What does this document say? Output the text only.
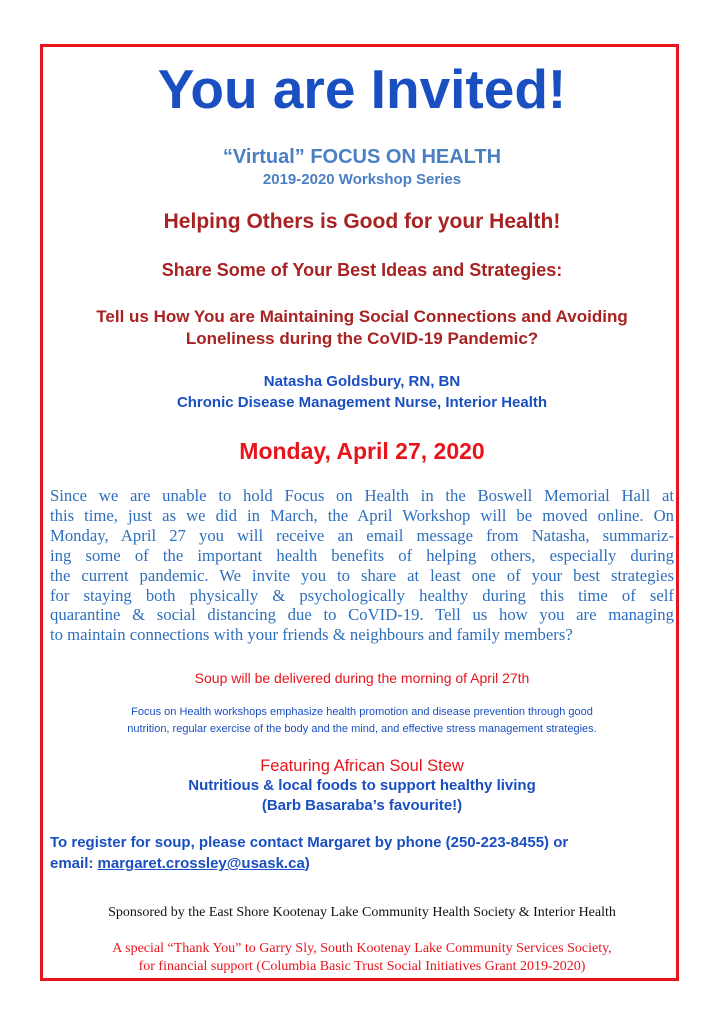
You are Invited!
“Virtual” FOCUS ON HEALTH
2019-2020 Workshop Series
Helping Others is Good for your Health!
Share Some of Your Best Ideas and Strategies:
Tell us How You are Maintaining Social Connections and Avoiding
Loneliness during the CoVID-19 Pandemic?
Natasha Goldsbury, RN, BN
Chronic Disease Management Nurse, Interior Health
Monday, April 27, 2020

Since we are unable to hold Focus on Health in the Boswell Memorial Hall at
this time, just as we did in March, the April Workshop will be moved online. On
Monday, April 27 you will receive an email message from Natasha, summariz-
ing some of the important health benefits of helping others, especially during
the current pandemic. We invite you to share at least one of your best strategies
for staying both physically & psychologically healthy during this time of self
quarantine & social distancing due to CoVID-19. Tell us how you are managing
to maintain connections with your friends & neighbours and family members?

Soup will be delivered during the morning of April 27th
Focus on Health workshops emphasize health promotion and disease prevention through good
nutrition, regular exercise of the body and the mind, and effective stress management strategies.
Featuring African Soul Stew
Nutritious & local foods to support healthy living
(Barb Basaraba’s favourite!)
To register for soup, please contact Margaret by phone (250-223-8455) or
email: margaret.crossley@usask.ca)
Sponsored by the East Shore Kootenay Lake Community Health Society & Interior Health
A special “Thank You” to Garry Sly, South Kootenay Lake Community Services Society,
for financial support (Columbia Basic Trust Social Initiatives Grant 2019-2020)
